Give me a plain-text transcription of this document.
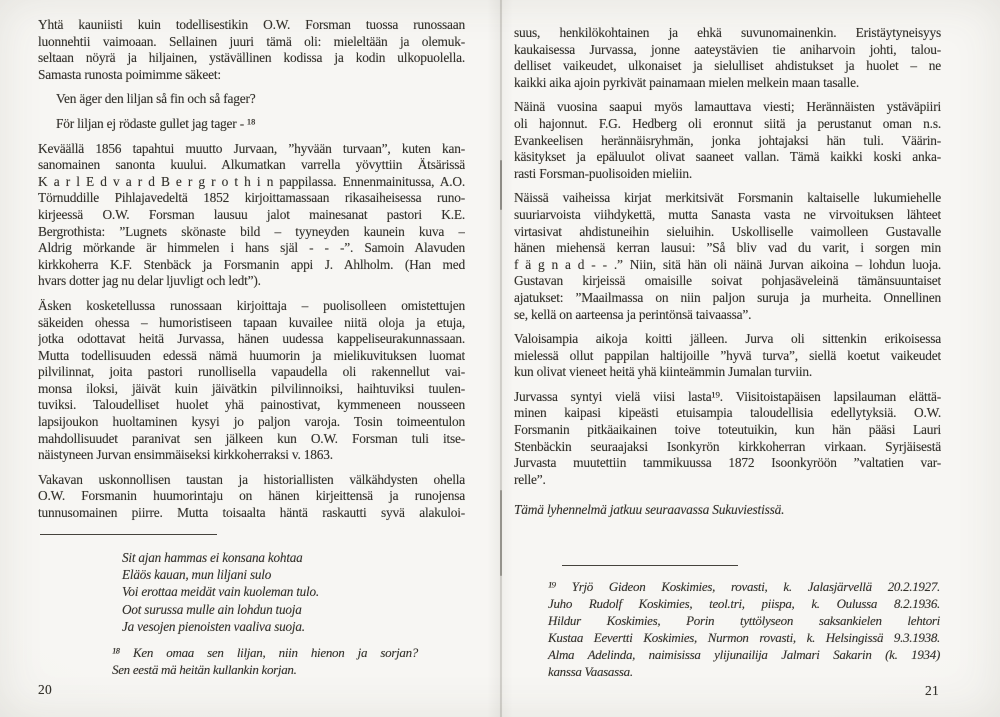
Yhtä kauniisti kuin todellisestikin O.W. Forsman tuossa runossaan
luonnehtii vaimoaan. Sellainen juuri tämä oli: mieleltään ja olemuk-
seltaan nöyrä ja hiljainen, ystävällinen kodissa ja kodin ulkopuolella.
Samasta runosta poimimme säkeet:
Ven äger den liljan så fin och så fager?
För liljan ej rödaste gullet jag tager - ¹⁸
Keväällä 1856 tapahtui muutto Jurvaan, ”hyvään turvaan”, kuten kan-
sanomainen sanonta kuului. Alkumatkan varrella yövyttiin Ätsärissä
K a r l E d v a r d B e r g r o t h i n pappilassa. Ennenmainitussa, A.O.
Törnuddille Pihlajavedeltä 1852 kirjoittamassaan rikasaiheisessa runo-
kirjeessä O.W. Forsman lausuu jalot mainesanat pastori K.E.
Bergrothista: ”Lugnets skönaste bild – tyyneyden kaunein kuva –
Aldrig mörkande är himmelen i hans själ - - -”. Samoin Alavuden
kirkkoherra K.F. Stenbäck ja Forsmanin appi J. Ahlholm. (Han med
hvars dotter jag nu delar ljuvligt och ledt”).
Äsken kosketellussa runossaan kirjoittaja – puolisolleen omistettujen
säkeiden ohessa – humoristiseen tapaan kuvailee niitä oloja ja etuja,
jotka odottavat heitä Jurvassa, hänen uudessa kappeliseurakunnassaan.
Mutta todellisuuden edessä nämä huumorin ja mielikuvituksen luomat
pilvilinnat, joita pastori runollisella vapaudella oli rakennellut vai-
monsa iloksi, jäivät kuin jäivätkin pilvilinnoiksi, haihtuviksi tuulen-
tuviksi. Taloudelliset huolet yhä painostivat, kymmeneen nousseen
lapsijoukon huoltaminen kysyi jo paljon varoja. Tosin toimeentulon
mahdollisuudet paranivat sen jälkeen kun O.W. Forsman tuli itse-
näistyneen Jurvan ensimmäiseksi kirkkoherraksi v. 1863.
Vakavan uskonnollisen taustan ja historiallisten välkähdysten ohella
O.W. Forsmanin huumorintaju on hänen kirjeittensä ja runojensa
tunnusomainen piirre. Mutta toisaalta häntä raskautti syvä alakuloi-
Sit ajan hammas ei konsana kohtaa
Eläös kauan, mun liljani sulo
Voi erottaa meidät vain kuoleman tulo.
Oot surussa mulle ain lohdun tuoja
Ja vesojen pienoisten vaaliva suoja.
¹⁸ Ken omaa sen liljan, niin hienon ja sorjan?
Sen eestä mä heitän kullankin korjan.
suus, henkilökohtainen ja ehkä suvunomainenkin. Eristäytyneisyys
kaukaisessa Jurvassa, jonne aateystävien tie aniharvoin johti, talou-
delliset vaikeudet, ulkonaiset ja sielulliset ahdistukset ja huolet – ne
kaikki aika ajoin pyrkivät painamaan mielen melkein maan tasalle.
Näinä vuosina saapui myös lamauttava viesti; Herännäisten ystäväpiiri
oli hajonnut. F.G. Hedberg oli eronnut siitä ja perustanut oman n.s.
Evankeelisen herännäisryhmän, jonka johtajaksi hän tuli. Väärin-
käsitykset ja epäluulot olivat saaneet vallan. Tämä kaikki koski anka-
rasti Forsman-puolisoiden mieliin.
Näissä vaiheissa kirjat merkitsivät Forsmanin kaltaiselle lukumiehelle
suuriarvoista viihdykettä, mutta Sanasta vasta ne virvoituksen lähteet
virtasivat ahdistuneihin sieluihin. Uskolliselle vaimolleen Gustavalle
hänen miehensä kerran lausui: ”Så bliv vad du varit, i sorgen min
f ä g n a d - - .” Niin, sitä hän oli näinä Jurvan aikoina – lohdun luoja.
Gustavan kirjeissä omaisille soivat pohjasäveleinä tämänsuuntaiset
ajatukset: ”Maailmassa on niin paljon suruja ja murheita. Onnellinen
se, kellä on aarteensa ja perintönsä taivaassa”.
Valoisampia aikoja koitti jälleen. Jurva oli sittenkin erikoisessa
mielessä ollut pappilan haltijoille ”hyvä turva”, siellä koetut vaikeudet
kun olivat vieneet heitä yhä kiinteämmin Jumalan turviin.
Jurvassa syntyi vielä viisi lasta¹⁹. Viisitoistapäisen lapsilauman elättä-
minen kaipasi kipeästi etuisampia taloudellisia edellytyksiä. O.W.
Forsmanin pitkäaikainen toive toteutuikin, kun hän pääsi Lauri
Stenbäckin seuraajaksi Isonkyrön kirkkoherran virkaan. Syrjäisestä
Jurvasta muutettiin tammikuussa 1872 Isoonkyröön ”valtatien var-
relle”.
Tämä lyhennelmä jatkuu seuraavassa Sukuviestissä.
¹⁹ Yrjö Gideon Koskimies, rovasti, k. Jalasjärvellä 20.2.1927.
Juho Rudolf Koskimies, teol.tri, piispa, k. Oulussa 8.2.1936.
Hildur Koskimies, Porin tyttölyseon saksankielen lehtori
Kustaa Eevertti Koskimies, Nurmon rovasti, k. Helsingissä 9.3.1938.
Alma Adelinda, naimisissa ylijunailija Jalmari Sakarin (k. 1934)
kanssa Vaasassa.
20	21
